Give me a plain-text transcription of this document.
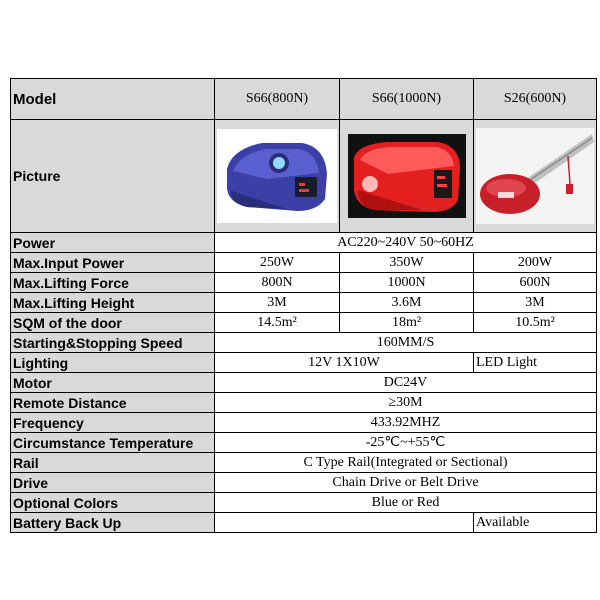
Model	S66(800N)	S66(1000N)	S26(600N)
Picture	

Power	AC220~240V 50~60HZ		
Max.Input Power	250W	350W	200W
Max.Lifting Force	800N	1000N	600N
Max.Lifting Height	3M	3.6M	3M
SQM of the door	14.5m²	18m²	10.5m²
Starting&Stopping Speed	160MM/S		
Lighting	12V 1X10W		LED Light
Motor	DC24V		
Remote Distance	≥30M		
Frequency	433.92MHZ		
Circumstance Temperature	-25℃~+55℃		
Rail	C Type Rail(Integrated or Sectional)		
Drive	Chain Drive or Belt Drive		
Optional Colors	Blue or Red		
Battery Back Up			Available
